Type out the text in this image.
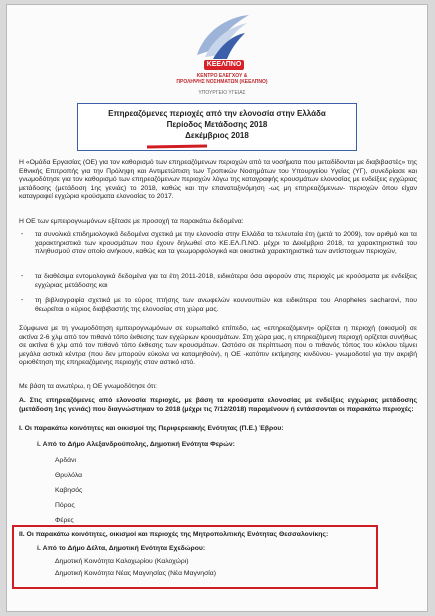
ΚΕΕΛΠΝΟ
ΚΕΝΤΡΟ ΕΛΕΓΧΟΥ &
ΠΡΟΛΗΨΗΣ ΝΟΣΗΜΑΤΩΝ (ΚΕΕΛΠΝΟ)
ΥΠΟΥΡΓΕΙΟ ΥΓΕΙΑΣ
Επηρεαζόμενες περιοχές από την ελονοσία στην Ελλάδα
Περίοδος Μετάδοσης 2018
Δεκέμβριος 2018
Η «Ομάδα Εργασίας (ΟΕ) για τον καθορισμό των επηρεαζόμενων περιοχών από τα νοσήματα που μεταδίδονται με διαβιβαστές» της Εθνικής Επιτροπής για την Πρόληψη και Αντιμετώπιση των Τροπικών Νοσημάτων του Υπουργείου Υγείας (ΥΓ), συνεδρίασε και γνωμοδότησε για τον καθορισμό των επηρεαζόμενων περιοχών λόγω της καταγραφής κρουσμάτων ελονοσίας με ενδείξεις εγχώριας μετάδοσης (μετάδοση 1ης γενιάς) το 2018, καθώς και την επαναταξινόμηση -ως μη επηρεαζόμενων- περιοχών όπου είχαν καταγραφεί εγχώρια κρούσματα ελονοσίας το 2017.
Η ΟΕ των εμπειρογνωμόνων εξέτασε με προσοχή τα παρακάτω δεδομένα:
- τα συνολικά επιδημιολογικά δεδομένα σχετικά με την ελονοσία στην Ελλάδα τα τελευταία έτη (μετά το 2009), τον αριθμό και τα χαρακτηριστικά των κρουσμάτων που έχουν δηλωθεί στο ΚΕ.ΕΛ.Π.ΝΟ. μέχρι το Δεκέμβριο 2018, τα χαρακτηριστικά του πληθυσμού στον οποίο ανήκουν, καθώς και τα γεωμορφολογικά και οικιστικά χαρακτηριστικά των αντίστοιχων περιοχών,
- τα διαθέσιμα εντομολογικά δεδομένα για τα έτη 2011-2018, ειδικότερα όσα αφορούν στις περιοχές με κρούσματα με ενδείξεις εγχώριας μετάδοσης και
- τη βιβλιογραφία σχετικά με το εύρος πτήσης των ανωφελών κουνουπιών και ειδικότερα του Anopheles sacharovi, που θεωρείται ο κύριος διαβιβαστής της ελονοσίας στη χώρα μας.
Σύμφωνα με τη γνωμοδότηση εμπειρογνωμόνων σε ευρωπαϊκό επίπεδο, ως «επηρεαζόμενη» ορίζεται η περιοχή (οικισμοί) σε ακτίνα 2-6 χλμ από τον πιθανό τόπο έκθεσης των εγχώριων κρουσμάτων. Στη χώρα μας, η επηρεαζόμενη περιοχή ορίζεται συνήθως σε ακτίνα 6 χλμ από τον πιθανό τόπο έκθεσης των κρουσμάτων. Ωστόσο σε περίπτωση που ο πιθανός τόπος του κύκλου τέμνει μεγάλα αστικά κέντρα (που δεν μπορούν εύκολα να καταμηθούν), η ΟΕ -κατόπιν εκτίμησης κινδύνου- γνωμοδοτεί για την ακριβή οριοθέτηση της επηρεαζόμενης περιοχής στον αστικό ιστό.
Με βάση τα ανωτέρω, η ΟΕ γνωμοδότησε ότι:
Α. Στις επηρεαζόμενες από ελονοσία περιοχές, με βάση τα κρούσματα ελονοσίας με ενδείξεις εγχώριας μετάδοσης (μετάδοση 1ης γενιάς) που διαγνώστηκαν το 2018 (μέχρι τις 7/12/2018) παραμένουν ή εντάσσονται οι παρακάτω περιοχές:
I. Οι παρακάτω κοινότητες και οικισμοί της Περιφερειακής Ενότητας (Π.Ε.) Έβρου:
i. Από το Δήμο Αλεξανδρούπολης, Δημοτική Ενότητα Φερών:
Αρδάνι
Θρυλόλα
Καβησός
Πόρος
Φέρες
II. Οι παρακάτω κοινότητες, οικισμοί και περιοχές της Μητροπολιτικής Ενότητας Θεσσαλονίκης:
i. Από το Δήμο Δέλτα, Δημοτική Ενότητα Εχεδώρου:
Δημοτική Κοινότητα Καλοχωρίου (Καλοχώρι)
Δημοτική Κοινότητα Νέας Μαγνησίας (Νέα Μαγνησία)
